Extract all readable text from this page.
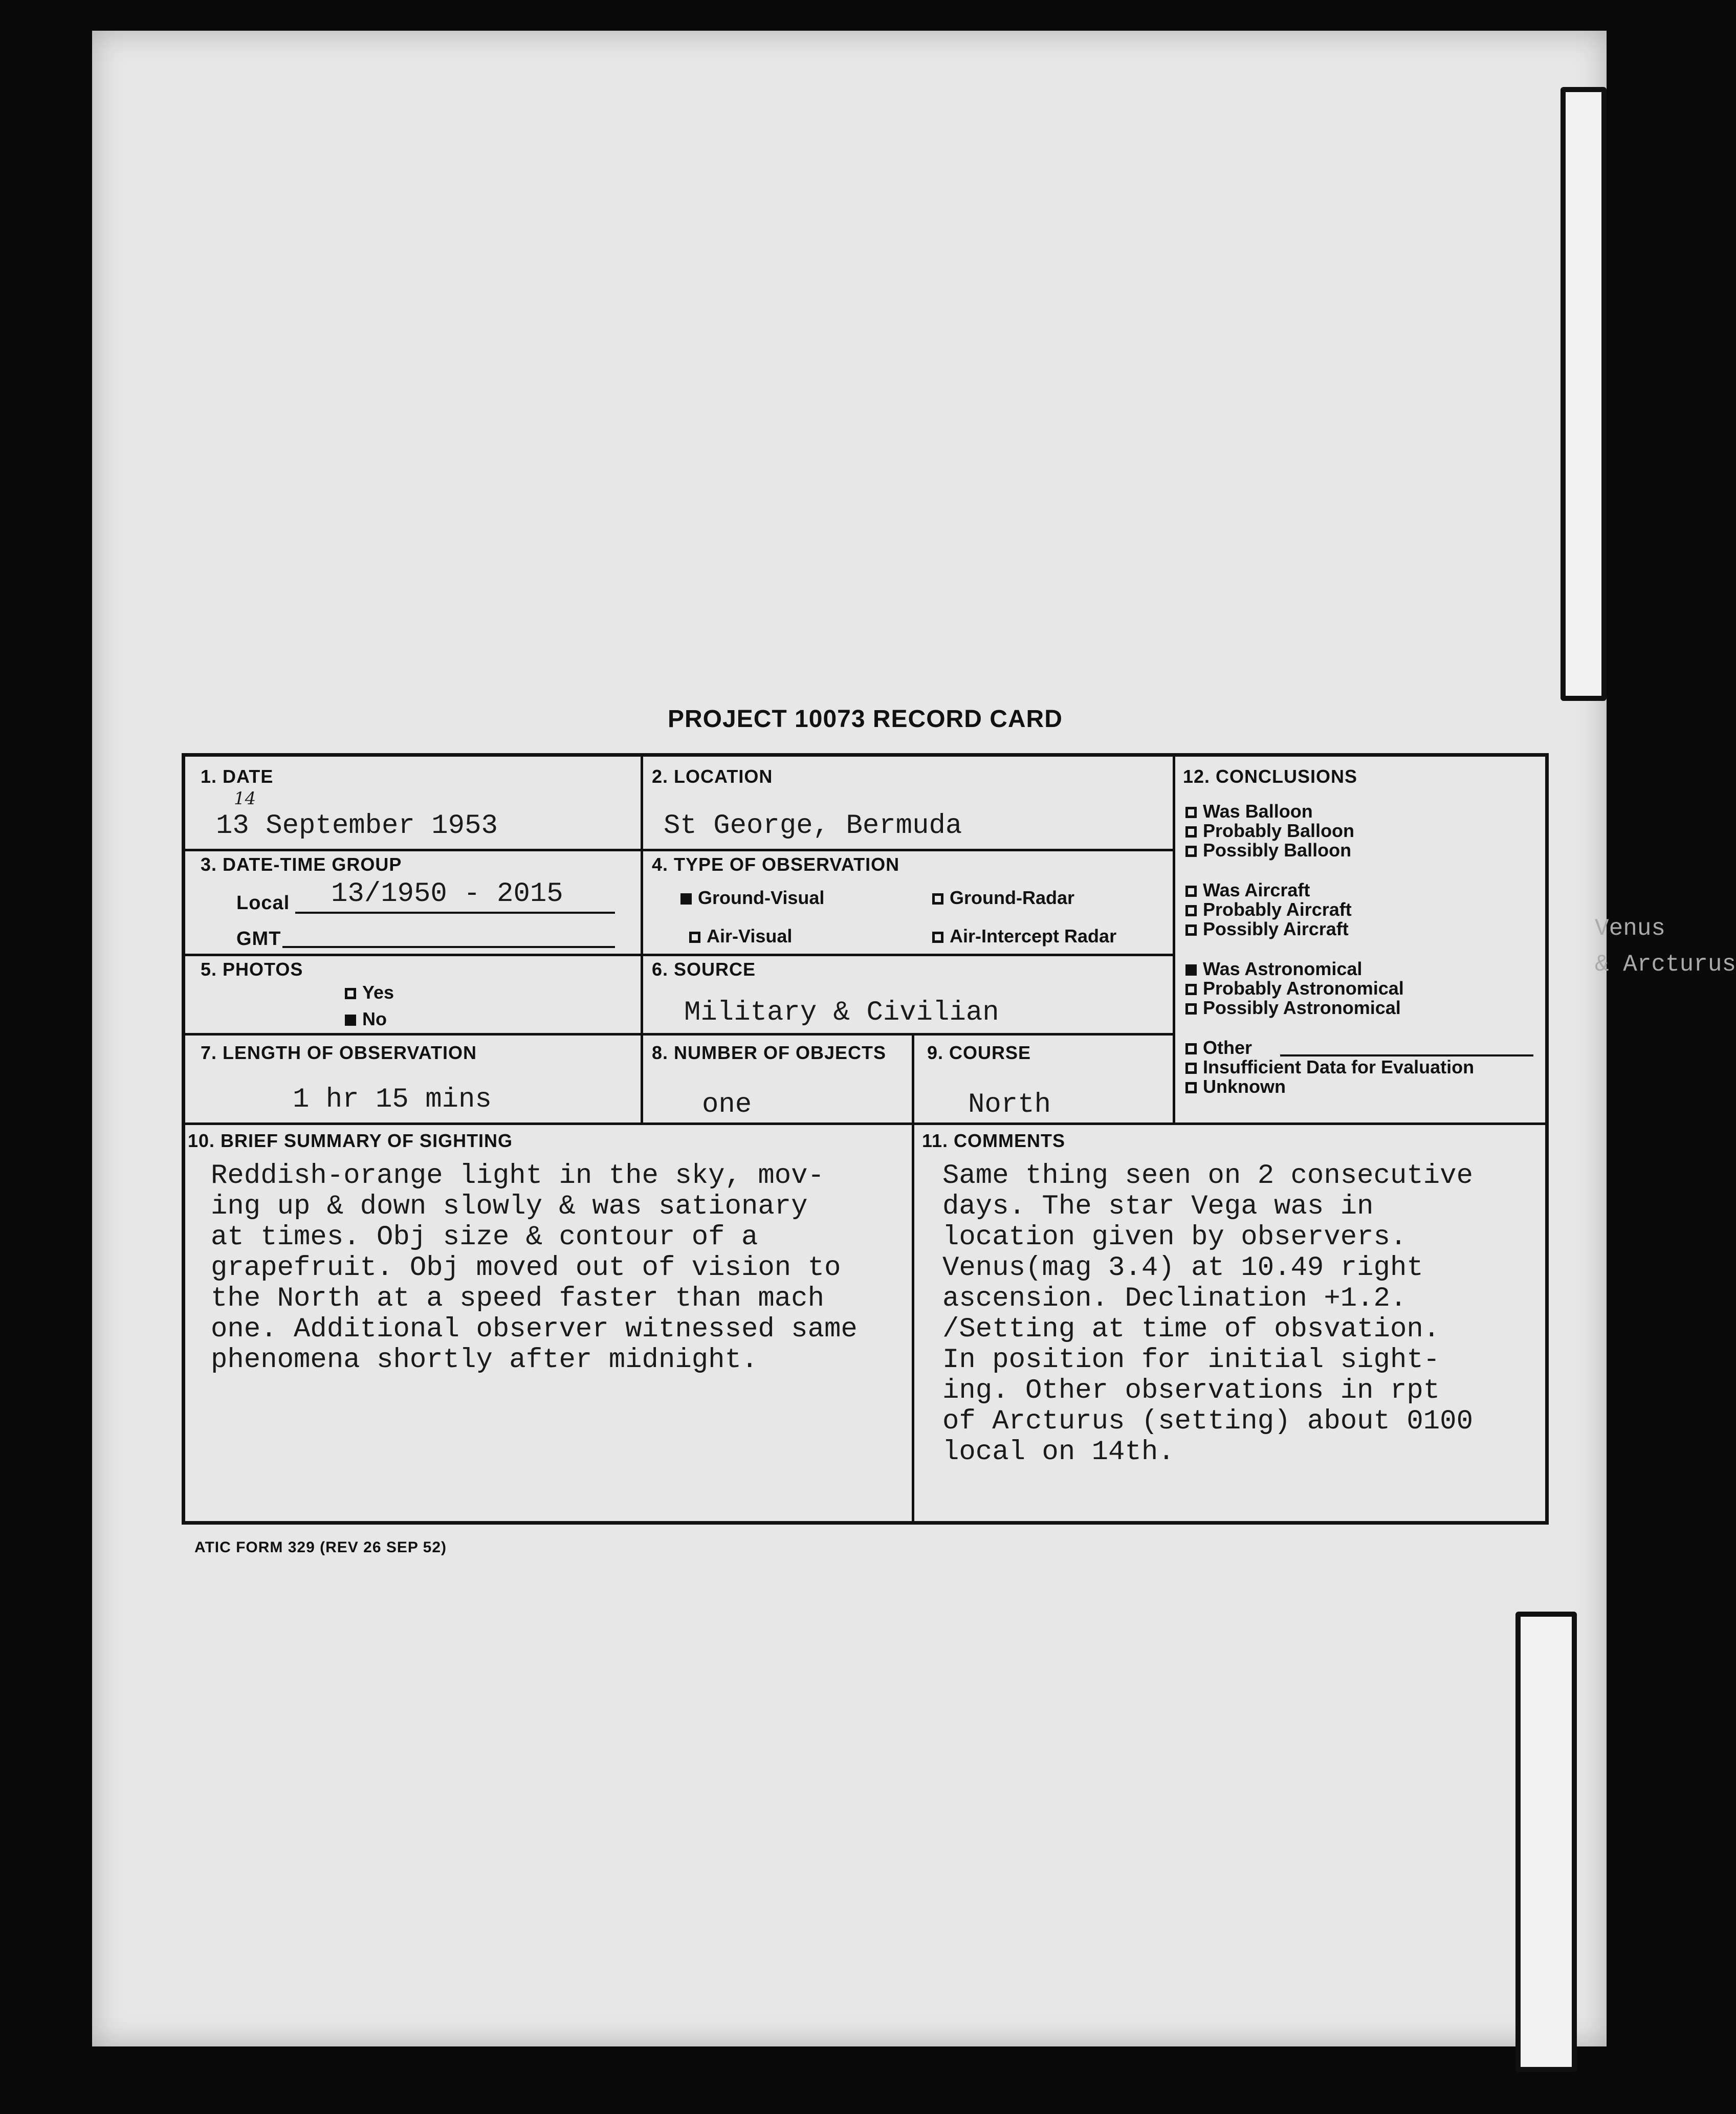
PROJECT 10073 RECORD CARD
1. DATE
14
13 September 1953
2. LOCATION
St George, Bermuda
3. DATE-TIME GROUP
Local 13/1950 - 2015
GMT
4. TYPE OF OBSERVATION
Ground-Visual	Ground-Radar
Air-Visual	Air-Intercept Radar
5. PHOTOS
Yes
No
6. SOURCE
Military & Civilian
7. LENGTH OF OBSERVATION
1 hr 15 mins
8. NUMBER OF OBJECTS
one
9. COURSE
North
12. CONCLUSIONS
Was Balloon
Probably Balloon
Possibly Balloon
Was Aircraft
Probably Aircraft
Possibly Aircraft	Venus
Was Astronomical	& Arcturus
Probably Astronomical
Possibly Astronomical
Other
Insufficient Data for Evaluation
Unknown
10. BRIEF SUMMARY OF SIGHTING
Reddish-orange light in the sky, mov-
ing up & down slowly & was sationary
at times. Obj size & contour of a
grapefruit. Obj moved out of vision to
the North at a speed faster than mach
one. Additional observer witnessed same
phenomena shortly after midnight.
11. COMMENTS
Same thing seen on 2 consecutive
days. The star Vega was in
location given by observers.
Venus(mag 3.4) at 10.49 right
ascension. Declination +1.2.
/Setting at time of obsvation.
In position for initial sight-
ing. Other observations in rpt
of Arcturus (setting) about 0100
local on 14th.
ATIC FORM 329 (REV 26 SEP 52)
